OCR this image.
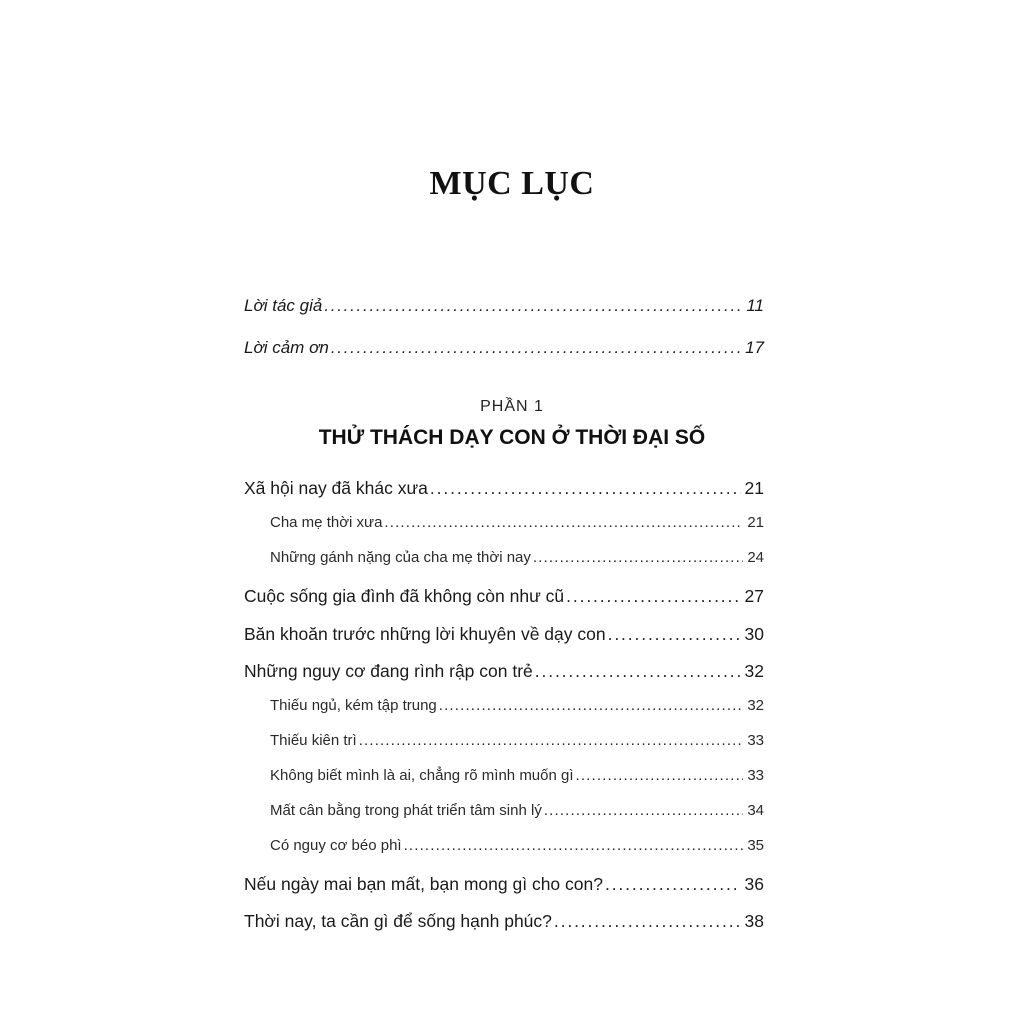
MỤC LỤC
Lời tác giả . . .	11
Lời cảm ơn . . .	17
PHẦN 1
THỬ THÁCH DẠY CON Ở THỜI ĐẠI SỐ
Xã hội nay đã khác xưa . . .	21
Cha mẹ thời xưa . . .	21
Những gánh nặng của cha mẹ thời nay . . .	24
Cuộc sống gia đình đã không còn như cũ . . .	27
Băn khoăn trước những lời khuyên về dạy con . . .	30
Những nguy cơ đang rình rập con trẻ . . .	32
Thiếu ngủ, kém tập trung . . .	32
Thiếu kiên trì . . .	33
Không biết mình là ai, chẳng rõ mình muốn gì . . .	33
Mất cân bằng trong phát triển tâm sinh lý . . .	34
Có nguy cơ béo phì . . .	35
Nếu ngày mai bạn mất, bạn mong gì cho con? . . .	36
Thời nay, ta cần gì để sống hạnh phúc? . . .	38
